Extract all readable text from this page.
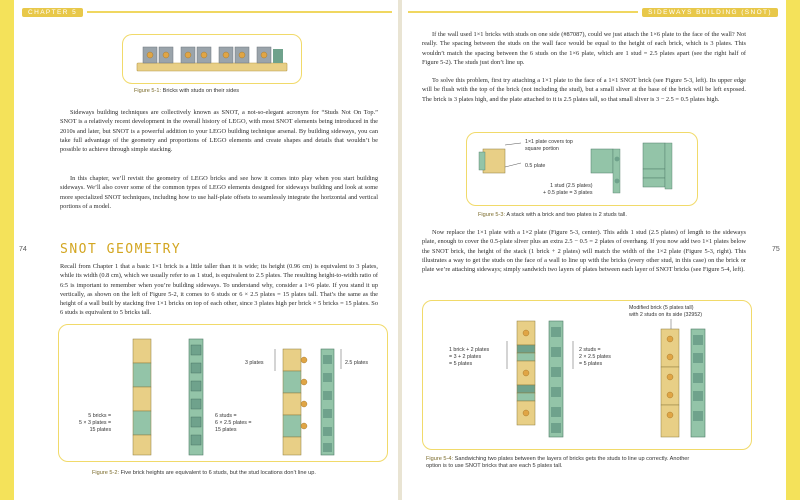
CHAPTER 5
Figure 5-1: Bricks with studs on their sides

Sideways building techniques are collectively known as SNOT, a not-so-elegant acronym for “Studs Not On Top.” SNOT is a relatively recent development in the overall history of LEGO, with most SNOT elements being introduced in the 2010s and later, but SNOT is a powerful addition to your LEGO building technique arsenal. By building sideways, you can take full advantage of the geometry and proportions of LEGO elements and create shapes and details that wouldn’t be possible to achieve through simple stacking.

In this chapter, we’ll revisit the geometry of LEGO bricks and see how it comes into play when you start building sideways. We’ll also cover some of the common types of LEGO elements designed for sideways building and look at some more specialized SNOT techniques, including how to use half-plate offsets to seamlessly integrate the horizontal and vertical portions of a model.

SNOT GEOMETRY

Recall from Chapter 1 that a basic 1×1 brick is a little taller than it is wide; its height (0.96 cm) is equivalent to 3 plates, while its width (0.8 cm), which we usually refer to as 1 stud, is equivalent to 2.5 plates. The resulting height-to-width ratio of 6:5 is important to remember when you’re building sideways. To understand why, consider a 1×6 plate. If you stand it up vertically, as shown on the left of Figure 5-2, it comes to 6 studs or 6 × 2.5 plates = 15 plates tall. That’s the same as the height of a wall built by stacking five 1×1 bricks on top of each other, since 3 plates high per brick × 5 bricks = 15 plates. So 6 studs is equivalent to 5 bricks tall.

5 bricks =
5 × 3 plates =
15 plates
6 studs =
6 × 2.5 plates =
15 plates
3 plates	2.5 plates
Figure 5-2: Five brick heights are equivalent to 6 studs, but the stud locations don’t line up.
74
SIDEWAYS BUILDING (SNOT)

If the wall used 1×1 bricks with studs on one side (#87087), could we just attach the 1×6 plate to the face of the wall? Not really. The spacing between the studs on the wall face would be equal to the height of each brick, which is 3 plates. This wouldn’t match the spacing between the 6 studs on the 1×6 plate, which are 1 stud = 2.5 plates apart (see the right half of Figure 5-2). The studs just don’t line up.

To solve this problem, first try attaching a 1×1 plate to the face of a 1×1 SNOT brick (see Figure 5-3, left). Its upper edge will be flush with the top of the brick (not including the stud), but a small sliver at the base of the brick will be left exposed. The brick is 3 plates high, and the plate attached to it is 2.5 plates tall, so that small sliver is 3 − 2.5 = 0.5 plates high.

1×1 plate covers top
square portion
0.5 plate
1 stud (2.5 plates)
+ 0.5 plate = 3 plates
Figure 5-3: A stack with a brick and two plates is 2 studs tall.

Now replace the 1×1 plate with a 1×2 plate (Figure 5-3, center). This adds 1 stud (2.5 plates) of length to the sideways plate, enough to cover the 0.5-plate sliver plus an extra 2.5 − 0.5 = 2 plates of overhang. If you now add two 1×1 plates below the SNOT brick, the height of the stack (1 brick + 2 plates) will match the width of the 1×2 plate (Figure 5-3, right). This illustrates a way to get the studs on the face of a wall to line up with the bricks (every other stud, in this case) on the brick or plate we’re attaching sideways; simply sandwich two layers of plates between each layer of SNOT bricks (see Figure 5-4, left).

Modified brick (5 plates tall)
with 2 studs on its side (32952)
1 brick + 2 plates
= 3 + 2 plates
= 5 plates
2 studs =
2 × 2.5 plates
= 5 plates
Figure 5-4: Sandwiching two plates between the layers of bricks gets the studs to line up correctly. Another
option is to use SNOT bricks that are each 5 plates tall.
75
